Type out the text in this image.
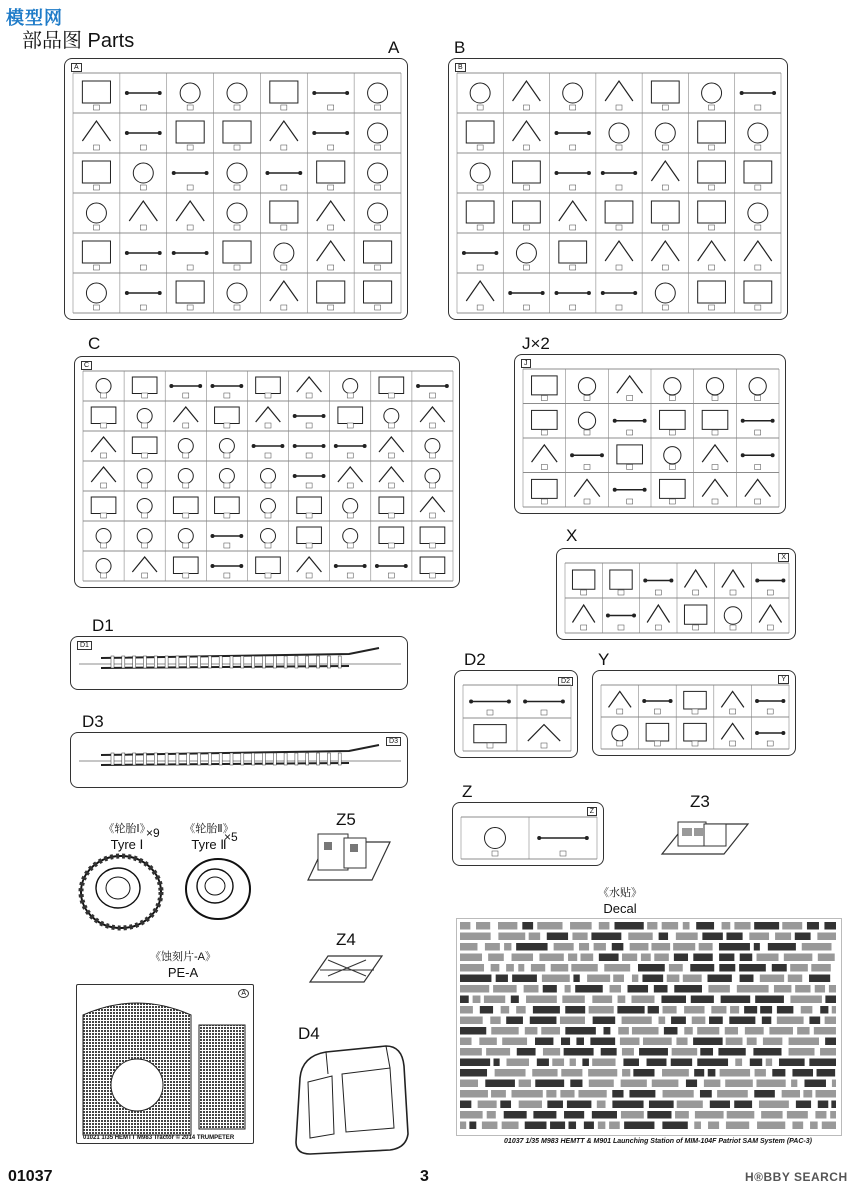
模型网
部品图 Parts	A
A
B
B
C
C
J×2
J
X
X
D1
D1
D2
D2
Y
Y
D3
D3
Z
Z
Z3
Z5
Z4
D4
《轮胎Ⅰ》
Tyre Ⅰ
×9	《轮胎Ⅱ》
Tyre Ⅱ
×5
《蚀刻片-A》
PE-A
A
01021 1/35 HEMTT M983 Tractor © 2014 TRUMPETER
《水贴》
Decal
01037 1/35 M983 HEMTT & M901 Launching Station of MIM-104F Patriot SAM System (PAC-3)
01037	3	H®BBY SEARCH
